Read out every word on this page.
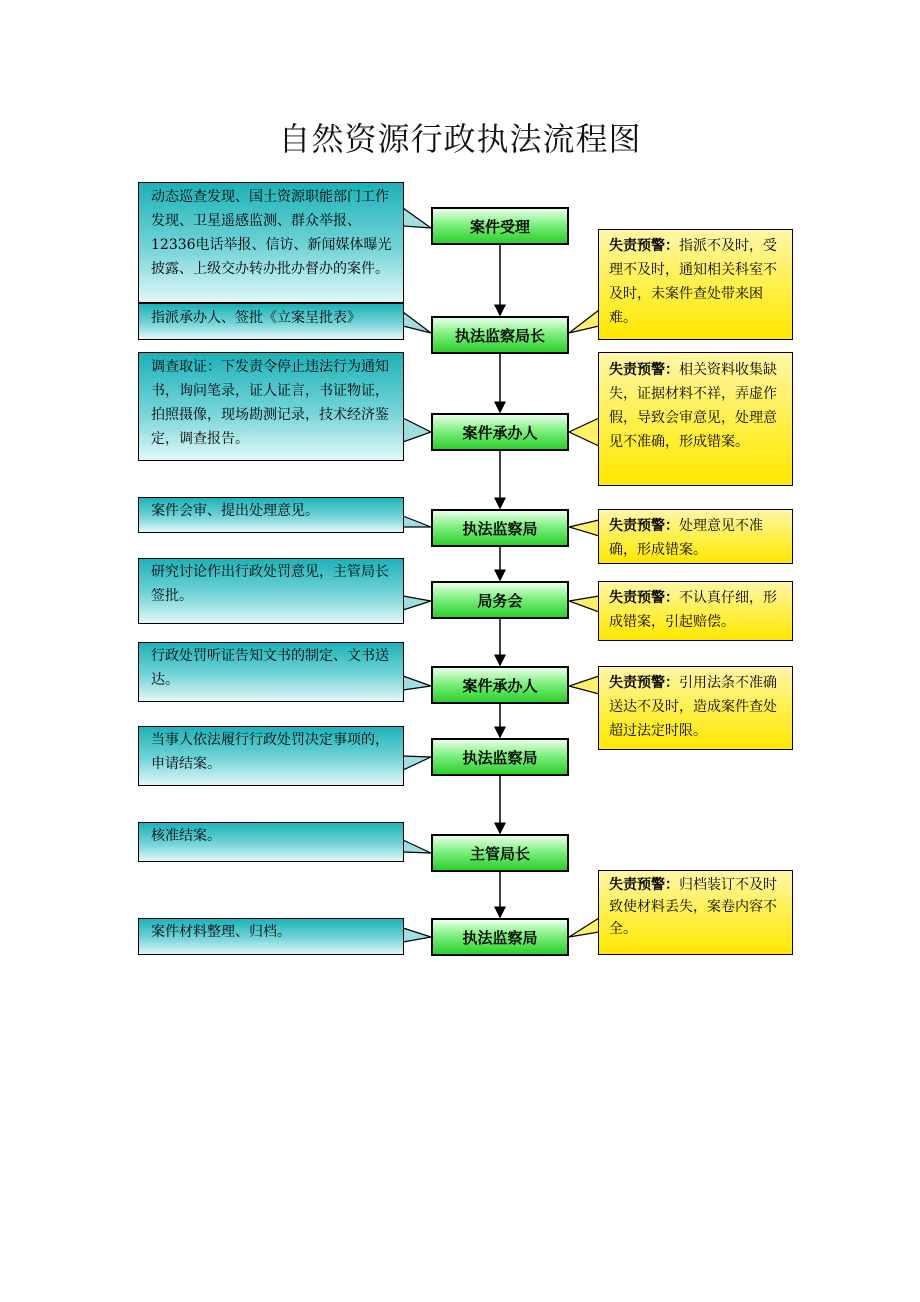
自然资源行政执法流程图
案件受理
执法监察局长
案件承办人
执法监察局
局务会
案件承办人
执法监察局
主管局长
执法监察局
动态巡查发现、国土资源职能部门工作发现、卫星遥感监测、群众举报、12336电话举报、信访、新闻媒体曝光披露、上级交办转办批办督办的案件。
指派承办人、签批《立案呈批表》
调查取证：下发责令停止违法行为通知书，询问笔录，证人证言，书证物证，拍照摄像，现场勘测记录，技术经济鉴定，调查报告。
案件会审、提出处理意见。
研究讨论作出行政处罚意见，主管局长签批。
行政处罚听证告知文书的制定、文书送达。
当事人依法履行行政处罚决定事项的，申请结案。
核准结案。
案件材料整理、归档。
失责预警：指派不及时，受理不及时，通知相关科室不及时，未案件查处带来困难。
失责预警：相关资料收集缺失，证据材料不祥，弄虚作假，导致会审意见，处理意见不准确，形成错案。
失责预警：处理意见不准确，形成错案。
失责预警：不认真仔细，形成错案，引起赔偿。
失责预警：引用法条不准确送达不及时，造成案件查处超过法定时限。
失责预警：归档装订不及时致使材料丢失，案卷内容不全。
